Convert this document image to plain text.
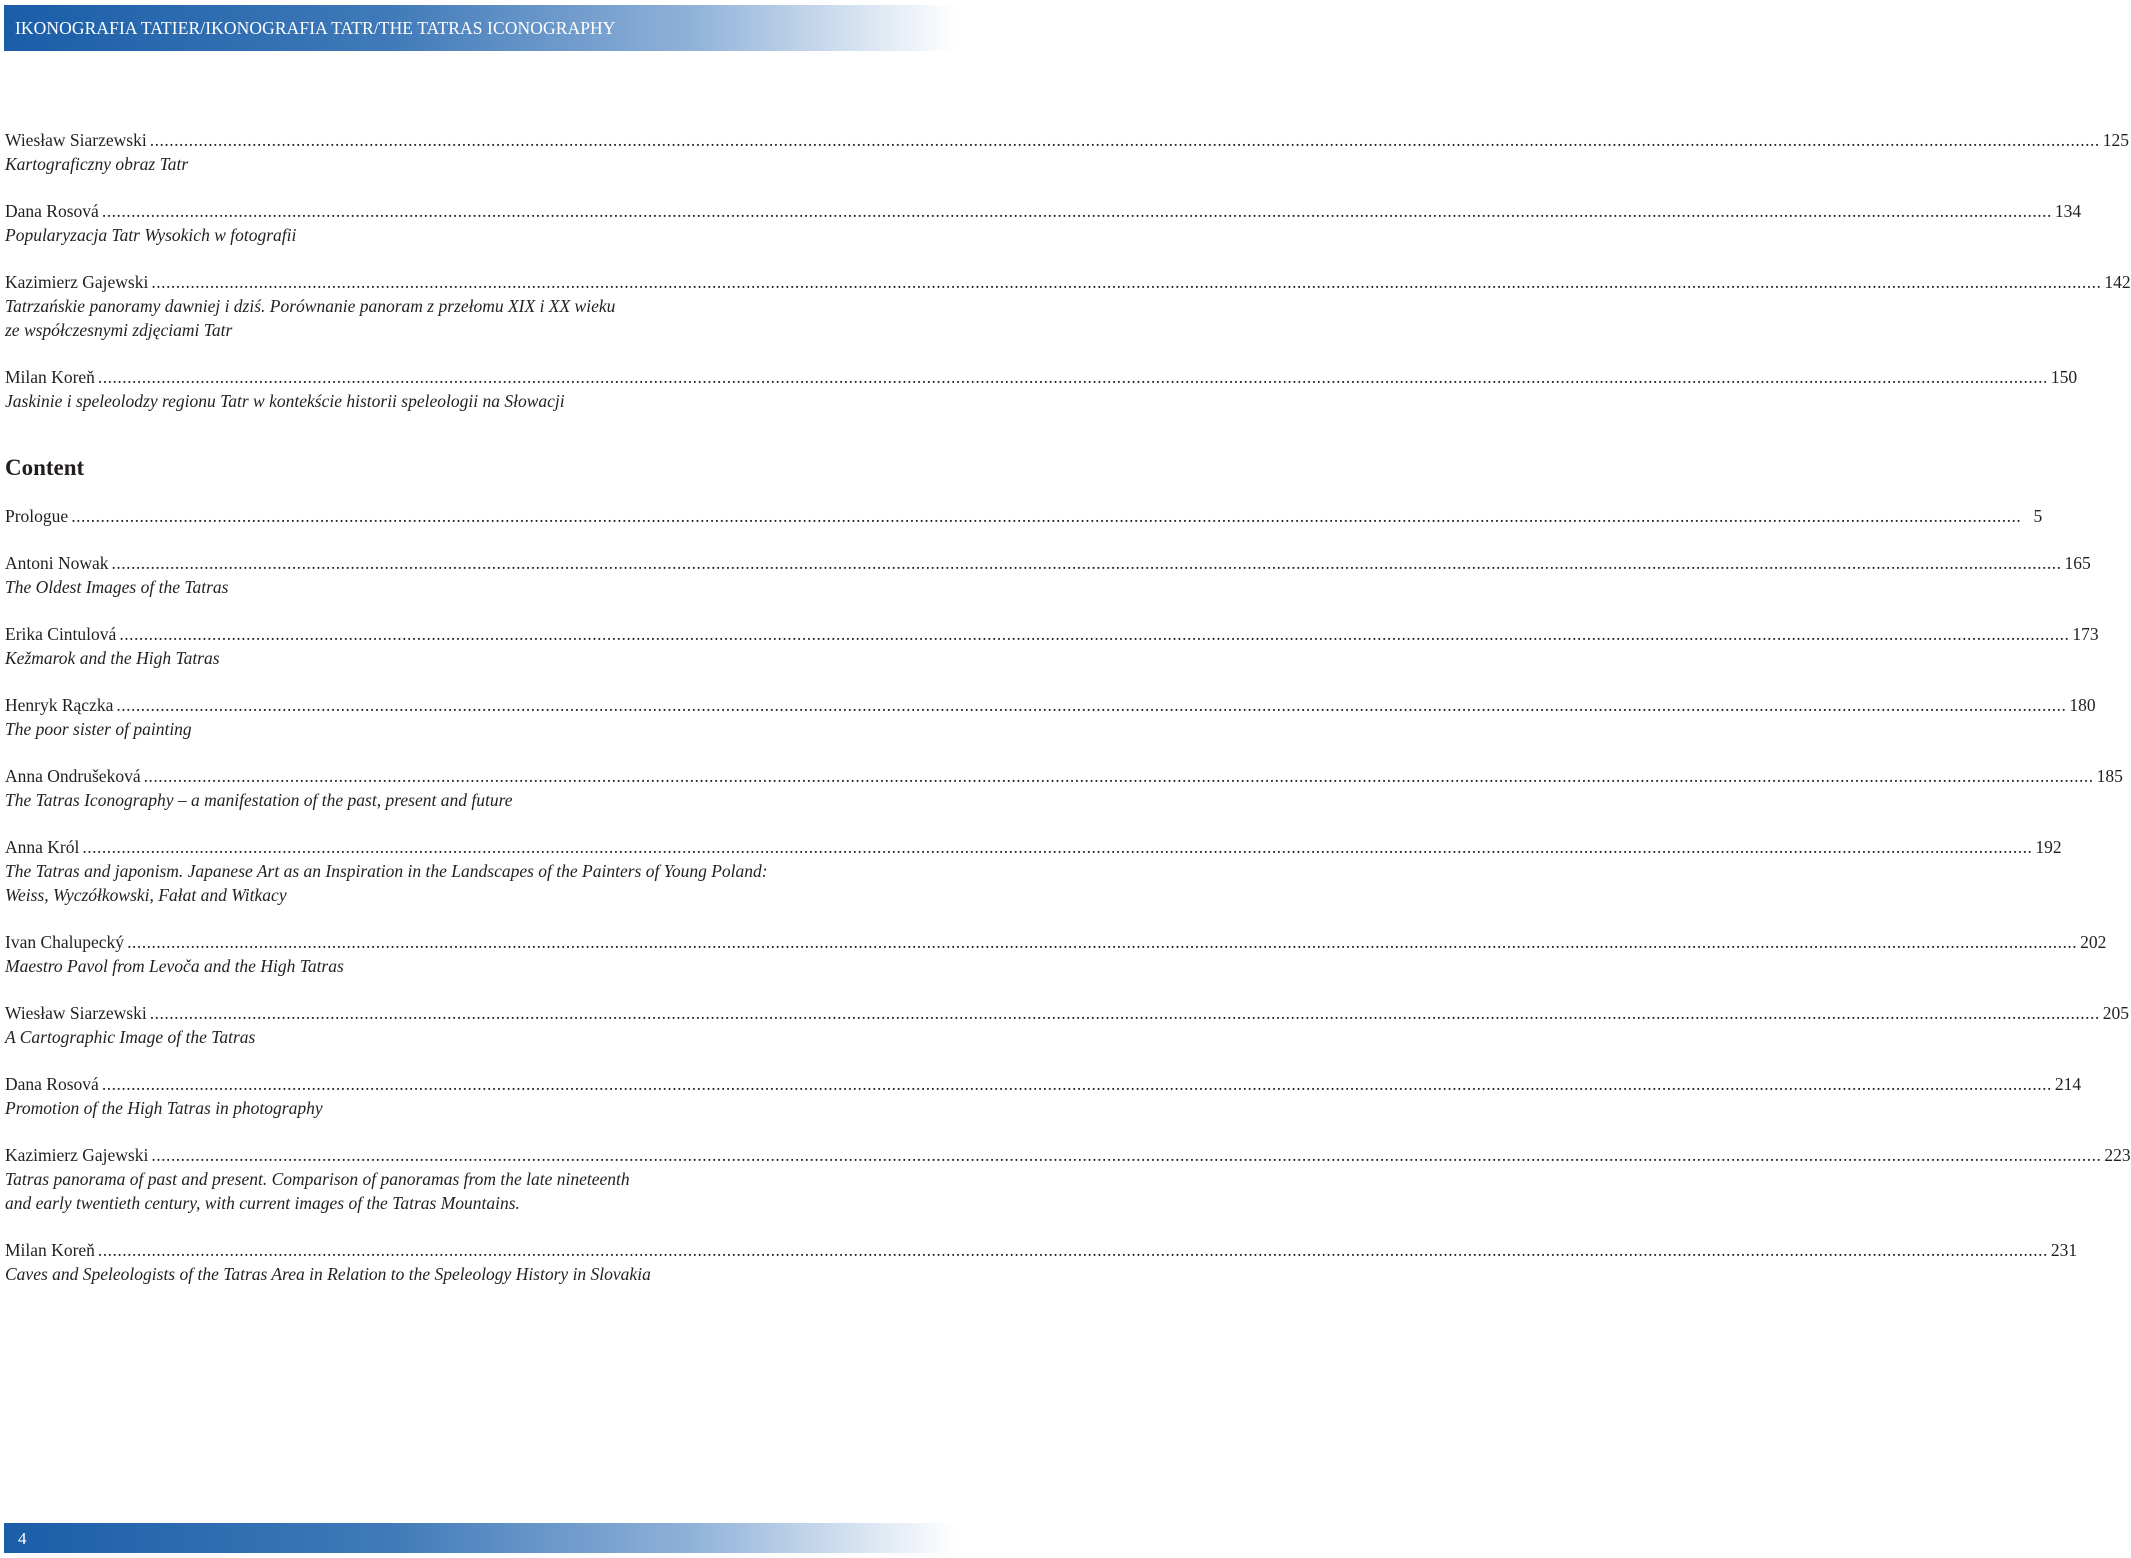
IKONOGRAFIA TATIER/IKONOGRAFIA TATR/THE TATRAS ICONOGRAPHY
Wiesław Siarzewski ................................................................................................................................................................................................................................................................................................................................................................................................................ 125
Kartograficzny obraz Tatr
Dana Rosová ................................................................................................................................................................................................................................................................................................................................................................................................................ 134
Popularyzacja Tatr Wysokich w fotografii
Kazimierz Gajewski ................................................................................................................................................................................................................................................................................................................................................................................................................ 142
Tatrzańskie panoramy dawniej i dziś. Porównanie panoram z przełomu XIX i XX wieku
ze współczesnymi zdjęciami Tatr
Milan Koreň ................................................................................................................................................................................................................................................................................................................................................................................................................ 150
Jaskinie i speleolodzy regionu Tatr w kontekście historii speleologii na Słowacji
Content
Prologue ................................................................................................................................................................................................................................................................................................................................................................................................................ 5
Antoni Nowak ................................................................................................................................................................................................................................................................................................................................................................................................................ 165
The Oldest Images of the Tatras
Erika Cintulová ................................................................................................................................................................................................................................................................................................................................................................................................................ 173
Kežmarok and the High Tatras
Henryk Rączka ................................................................................................................................................................................................................................................................................................................................................................................................................ 180
The poor sister of painting
Anna Ondrušeková ................................................................................................................................................................................................................................................................................................................................................................................................................ 185
The Tatras Iconography – a manifestation of the past, present and future
Anna Król ................................................................................................................................................................................................................................................................................................................................................................................................................ 192
The Tatras and japonism. Japanese Art as an Inspiration in the Landscapes of the Painters of Young Poland:
Weiss, Wyczółkowski, Fałat and Witkacy
Ivan Chalupecký ................................................................................................................................................................................................................................................................................................................................................................................................................ 202
Maestro Pavol from Levoča and the High Tatras
Wiesław Siarzewski ................................................................................................................................................................................................................................................................................................................................................................................................................ 205
A Cartographic Image of the Tatras
Dana Rosová ................................................................................................................................................................................................................................................................................................................................................................................................................ 214
Promotion of the High Tatras in photography
Kazimierz Gajewski ................................................................................................................................................................................................................................................................................................................................................................................................................ 223
Tatras panorama of past and present. Comparison of panoramas from the late nineteenth
and early twentieth century, with current images of the Tatras Mountains.
Milan Koreň ................................................................................................................................................................................................................................................................................................................................................................................................................ 231
Caves and Speleologists of the Tatras Area in Relation to the Speleology History in Slovakia
4
